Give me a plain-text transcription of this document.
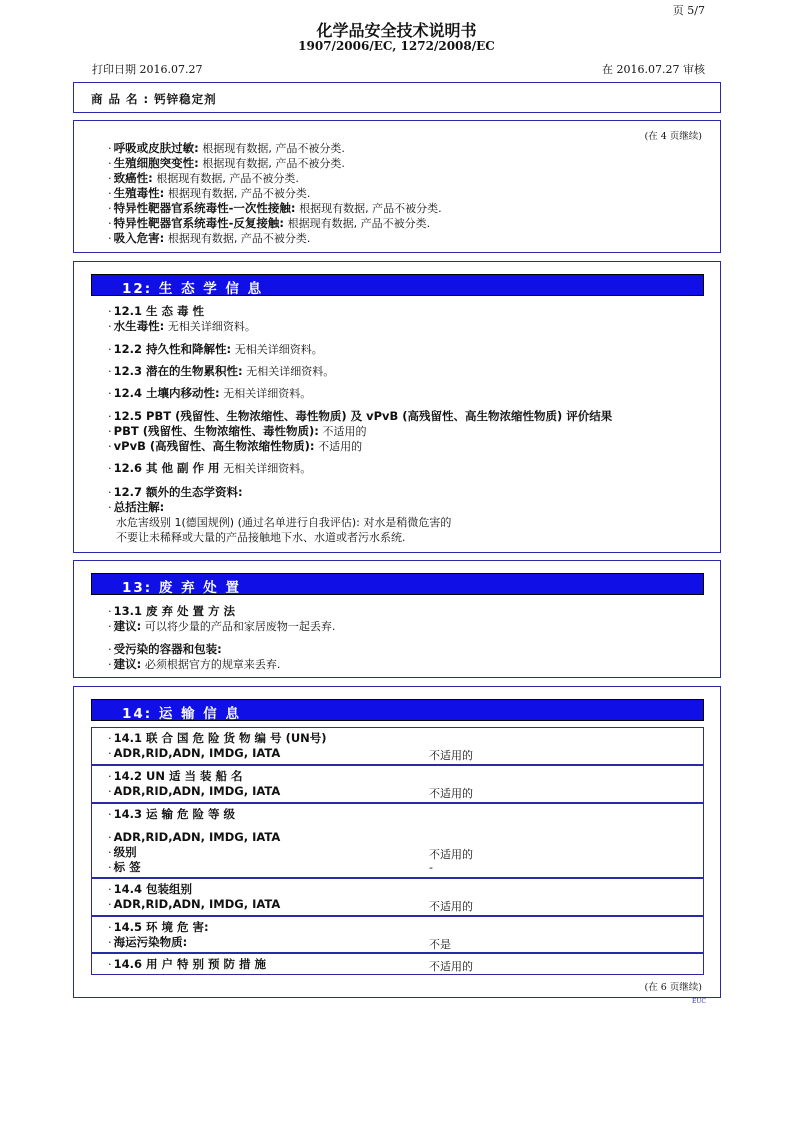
页 5/7
化学品安全技术说明书
1907/2006/EC, 1272/2008/EC
打印日期 2016.07.27	在 2016.07.27 审核
商 品 名 : 钙锌稳定剂
(在 4 页继续)
· 呼吸或皮肤过敏: 根据现有数据, 产品不被分类.
· 生殖细胞突变性: 根据现有数据, 产品不被分类.
· 致癌性: 根据现有数据, 产品不被分类.
· 生殖毒性: 根据现有数据, 产品不被分类.
· 特异性靶器官系统毒性-一次性接触: 根据现有数据, 产品不被分类.
· 特异性靶器官系统毒性-反复接触: 根据现有数据, 产品不被分类.
· 吸入危害: 根据现有数据, 产品不被分类.
12: 生 态 学 信 息
· 12.1 生 态 毒 性
· 水生毒性: 无相关详细资料。
· 12.2 持久性和降解性: 无相关详细资料。
· 12.3 潜在的生物累积性: 无相关详细资料。
· 12.4 土壤内移动性: 无相关详细资料。
· 12.5 PBT (残留性、生物浓缩性、毒性物质) 及 vPvB (高残留性、高生物浓缩性物质) 评价结果
· PBT (残留性、生物浓缩性、毒性物质): 不适用的
· vPvB (高残留性、高生物浓缩性物质): 不适用的
· 12.6 其 他 副 作 用 无相关详细资料。
· 12.7 额外的生态学资料:
· 总括注解:
水危害级别 1(德国规例) (通过名单进行自我评估): 对水是稍微危害的
不要让未稀释或大量的产品接触地下水、水道或者污水系统.
13: 废 弃 处 置
· 13.1 废 弃 处 置 方 法
· 建议: 可以将少量的产品和家居废物一起丢弃.
· 受污染的容器和包装:
· 建议: 必须根据官方的规章来丢弃.
14: 运 输 信 息
· 14.1 联 合 国 危 险 货 物 编 号 (UN号)
· ADR,RID,ADN, IMDG, IATA	不适用的
· 14.2 UN 适 当 装 船 名
· ADR,RID,ADN, IMDG, IATA	不适用的
· 14.3 运 输 危 险 等 级
· ADR,RID,ADN, IMDG, IATA
· 级别	不适用的
· 标 签	-
· 14.4 包装组别
· ADR,RID,ADN, IMDG, IATA	不适用的
· 14.5 环 境 危 害:
· 海运污染物质:	不是
· 14.6 用 户 特 别 预 防 措 施	不适用的
(在 6 页继续)
EUC
